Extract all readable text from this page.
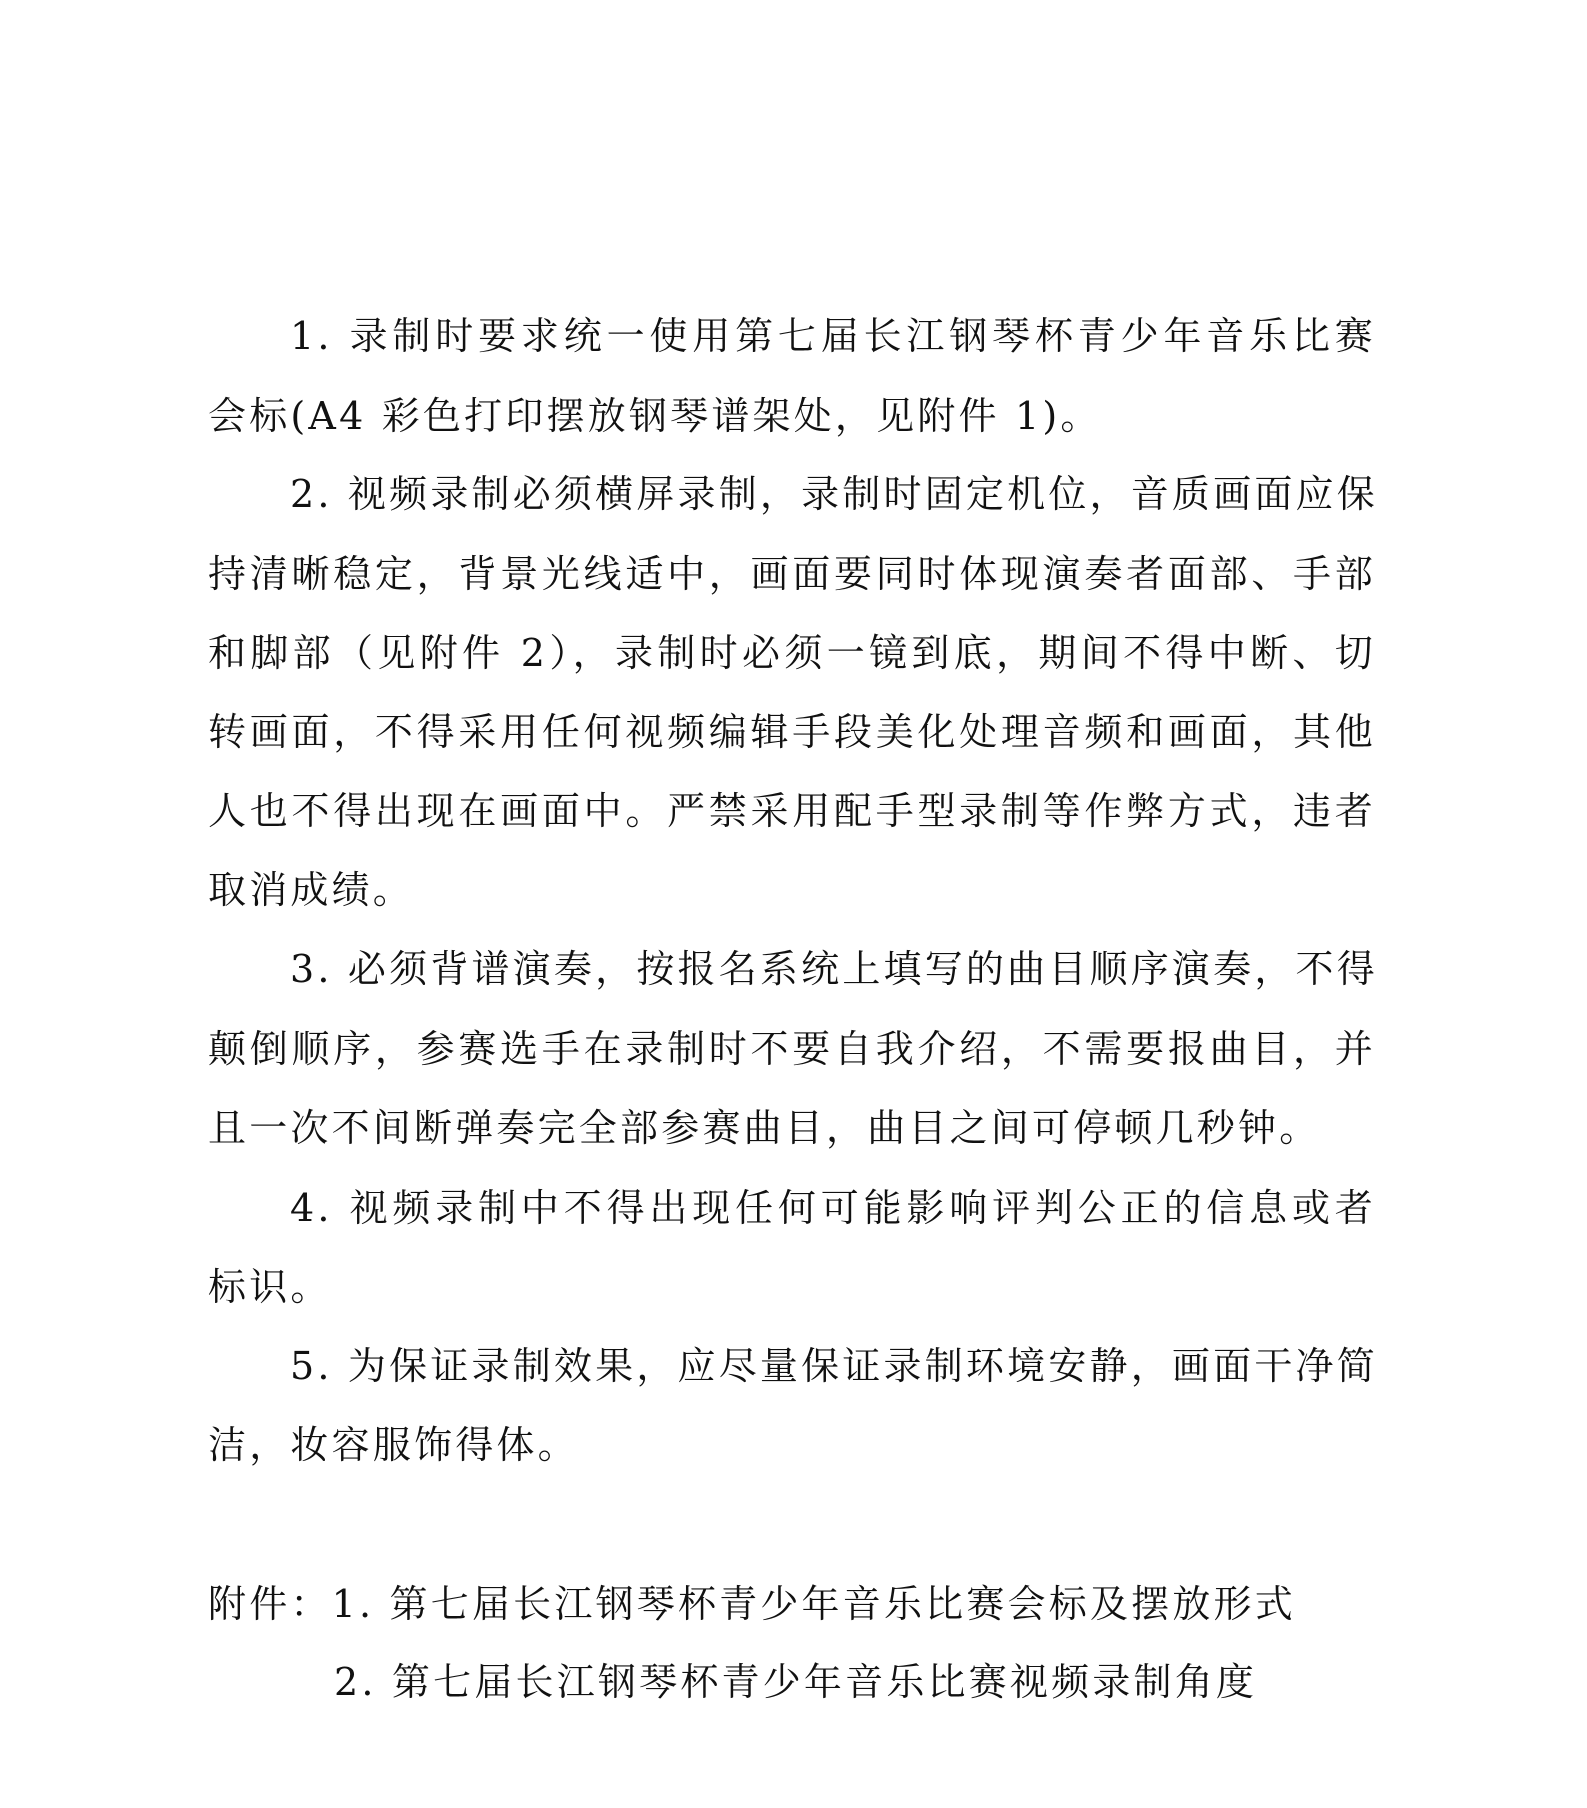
1. 录制时要求统一使用第七届长江钢琴杯青少年音乐比赛
会标(A4 彩色打印摆放钢琴谱架处，见附件 1)。
2. 视频录制必须横屏录制，录制时固定机位，音质画面应保
持清晰稳定，背景光线适中，画面要同时体现演奏者面部、手部
和脚部（见附件 2），录制时必须一镜到底，期间不得中断、切
转画面，不得采用任何视频编辑手段美化处理音频和画面，其他
人也不得出现在画面中。严禁采用配手型录制等作弊方式，违者
取消成绩。
3. 必须背谱演奏，按报名系统上填写的曲目顺序演奏，不得
颠倒顺序，参赛选手在录制时不要自我介绍，不需要报曲目，并
且一次不间断弹奏完全部参赛曲目，曲目之间可停顿几秒钟。
4. 视频录制中不得出现任何可能影响评判公正的信息或者
标识。
5. 为保证录制效果，应尽量保证录制环境安静，画面干净简
洁，妆容服饰得体。
附件：1. 第七届长江钢琴杯青少年音乐比赛会标及摆放形式
2. 第七届长江钢琴杯青少年音乐比赛视频录制角度
